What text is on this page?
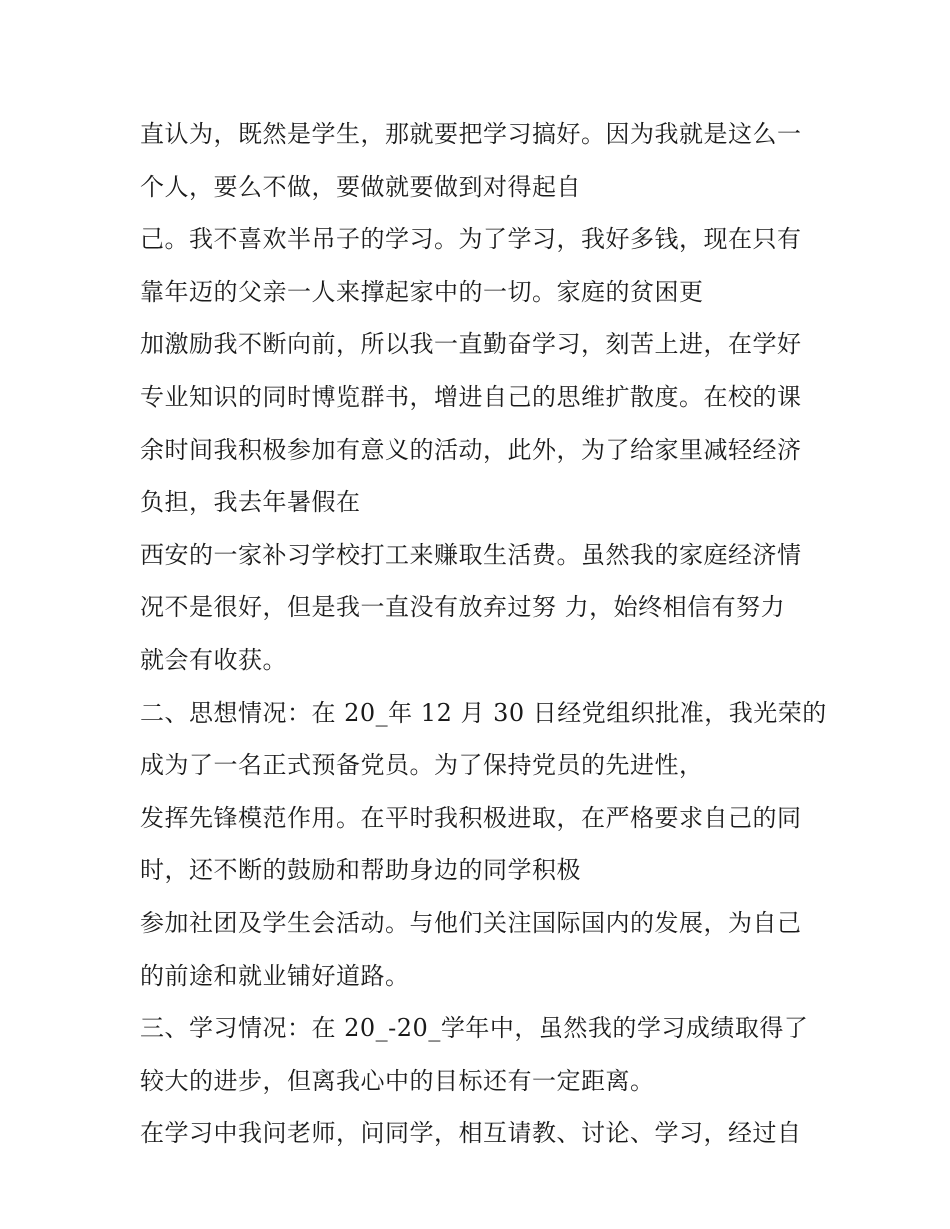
直认为，既然是学生，那就要把学习搞好。因为我就是这么一
个人，要么不做，要做就要做到对得起自
己。我不喜欢半吊子的学习。为了学习，我好多钱，现在只有
靠年迈的父亲一人来撑起家中的一切。家庭的贫困更
加激励我不断向前，所以我一直勤奋学习，刻苦上进，在学好
专业知识的同时博览群书，增进自己的思维扩散度。在校的课
余时间我积极参加有意义的活动，此外，为了给家里减轻经济
负担，我去年暑假在
西安的一家补习学校打工来赚取生活费。虽然我的家庭经济情
况不是很好，但是我一直没有放弃过努 力，始终相信有努力
就会有收获。
二、思想情况：在 20_年 12 月 30 日经党组织批准，我光荣的
成为了一名正式预备党员。为了保持党员的先进性，
发挥先锋模范作用。在平时我积极进取，在严格要求自己的同
时，还不断的鼓励和帮助身边的同学积极
参加社团及学生会活动。与他们关注国际国内的发展，为自己
的前途和就业铺好道路。
三、学习情况：在 20_-20_学年中，虽然我的学习成绩取得了
较大的进步，但离我心中的目标还有一定距离。
在学习中我问老师，问同学，相互请教、讨论、学习，经过自
